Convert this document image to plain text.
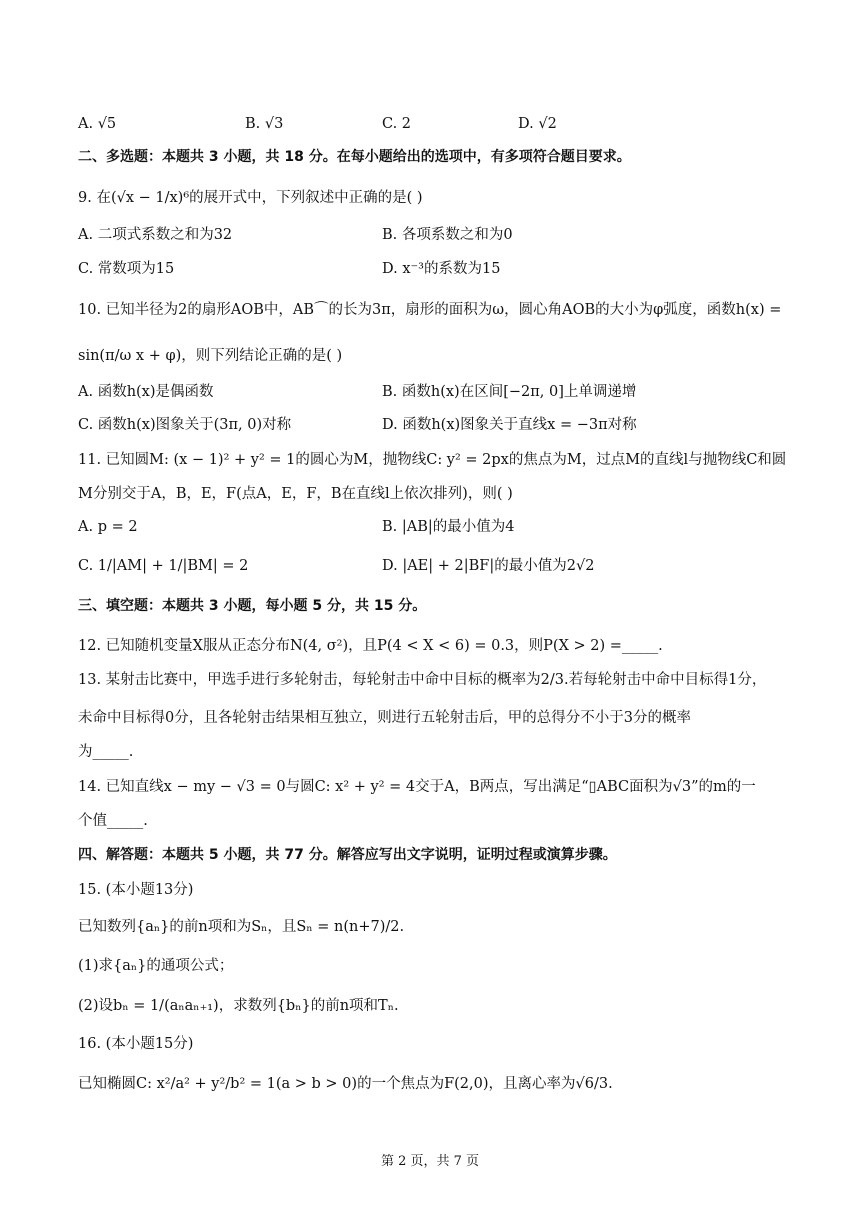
A. √5	B. √3	C. 2	D. √2
二、多选题：本题共 3 小题，共 18 分。在每小题给出的选项中，有多项符合题目要求。
9. 在(√x − 1/x)⁶的展开式中，下列叙述中正确的是( )
A. 二项式系数之和为32	B. 各项系数之和为0
C. 常数项为15	D. x⁻³的系数为15
10. 已知半径为2的扇形AOB中，AB⌒的长为3π，扇形的面积为ω，圆心角AOB的大小为φ弧度，函数h(x) =
sin(π/ω x + φ)，则下列结论正确的是( )
A. 函数h(x)是偶函数	B. 函数h(x)在区间[−2π, 0]上单调递增
C. 函数h(x)图象关于(3π, 0)对称	D. 函数h(x)图象关于直线x = −3π对称
11. 已知圆M: (x − 1)² + y² = 1的圆心为M，抛物线C: y² = 2px的焦点为M，过点M的直线l与抛物线C和圆
M分别交于A，B，E，F(点A，E，F，B在直线l上依次排列)，则( )
A. p = 2	B. |AB|的最小值为4
C. 1/|AM| + 1/|BM| = 2	D. |AE| + 2|BF|的最小值为2√2
三、填空题：本题共 3 小题，每小题 5 分，共 15 分。
12. 已知随机变量X服从正态分布N(4, σ²)，且P(4 < X < 6) = 0.3，则P(X > 2) =_____.
13. 某射击比赛中，甲选手进行多轮射击，每轮射击中命中目标的概率为2/3.若每轮射击中命中目标得1分，
未命中目标得0分，且各轮射击结果相互独立，则进行五轮射击后，甲的总得分不小于3分的概率
为_____.
14. 已知直线x − my − √3 = 0与圆C: x² + y² = 4交于A，B两点，写出满足“▯ABC面积为√3”的m的一
个值_____.
四、解答题：本题共 5 小题，共 77 分。解答应写出文字说明，证明过程或演算步骤。
15. (本小题13分)
已知数列{aₙ}的前n项和为Sₙ，且Sₙ = n(n+7)/2.
(1)求{aₙ}的通项公式；
(2)设bₙ = 1/(aₙaₙ₊₁)，求数列{bₙ}的前n项和Tₙ.
16. (本小题15分)
已知椭圆C: x²/a² + y²/b² = 1(a > b > 0)的一个焦点为F(2,0)，且离心率为√6/3.
第 2 页，共 7 页
